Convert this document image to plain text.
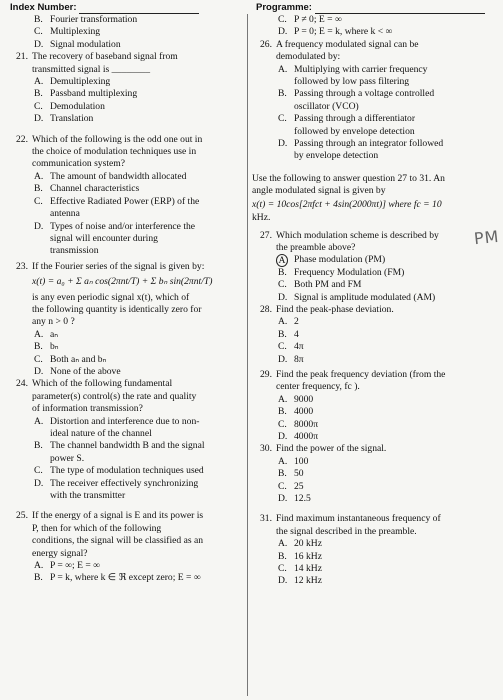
Index Number:	Programme:
B. Fourier transformation
C. Multiplexing
D. Signal modulation
21. The recovery of baseband signal from
transmitted signal is ________
A. Demultiplexing
B. Passband multiplexing
C. Demodulation
D. Translation
22. Which of the following is the odd one out in
the choice of modulation techniques use in
communication system?
A. The amount of bandwidth allocated
B. Channel characteristics
C. Effective Radiated Power (ERP) of the
antenna
D. Types of noise and/or interference the
signal will encounter during
transmission
23. If the Fourier series of the signal is given by:
x(t) = a₀ + Σ aₙ cos(2πnt/T) + Σ bₙ sin(2πnt/T)
is any even periodic signal x(t), which of
the following quantity is identically zero for
any n > 0 ?
A. aₙ
B. bₙ
C. Both aₙ and bₙ
D. None of the above
24. Which of the following fundamental
parameter(s) control(s) the rate and quality
of information transmission?
A. Distortion and interference due to non-
ideal nature of the channel
B. The channel bandwidth B and the signal
power S.
C. The type of modulation techniques used
D. The receiver effectively synchronizing
with the transmitter
25. If the energy of a signal is E and its power is
P, then for which of the following
conditions, the signal will be classified as an
energy signal?
A. P = ∞; E = ∞
B. P = k, where k ∈ ℜ except zero; E = ∞
C. P ≠ 0; E = ∞
D. P = 0; E = k, where k < ∞
26. A frequency modulated signal can be
demodulated by:
A. Multiplying with carrier frequency
followed by low pass filtering
B. Passing through a voltage controlled
oscillator (VCO)
C. Passing through a differentiator
followed by envelope detection
D. Passing through an integrator followed
by envelope detection
Use the following to answer question 27 to 31. An
angle modulated signal is given by
x(t) = 10cos[2πfct + 4sin(2000πt)] where fc = 10
kHz.
27. Which modulation scheme is described by
the preamble above?
A Phase modulation (PM)
B. Frequency Modulation (FM)
C. Both PM and FM
D. Signal is amplitude modulated (AM)
28. Find the peak-phase deviation.
A. 2
B. 4
C. 4π
D. 8π
29. Find the peak frequency deviation (from the
center frequency, fc ).
A. 9000
B. 4000
C. 8000π
D. 4000π
30. Find the power of the signal.
A. 100
B. 50
C. 25
D. 12.5
31. Find maximum instantaneous frequency of
the signal described in the preamble.
A. 20 kHz
B. 16 kHz
C. 14 kHz
D. 12 kHz
PM
